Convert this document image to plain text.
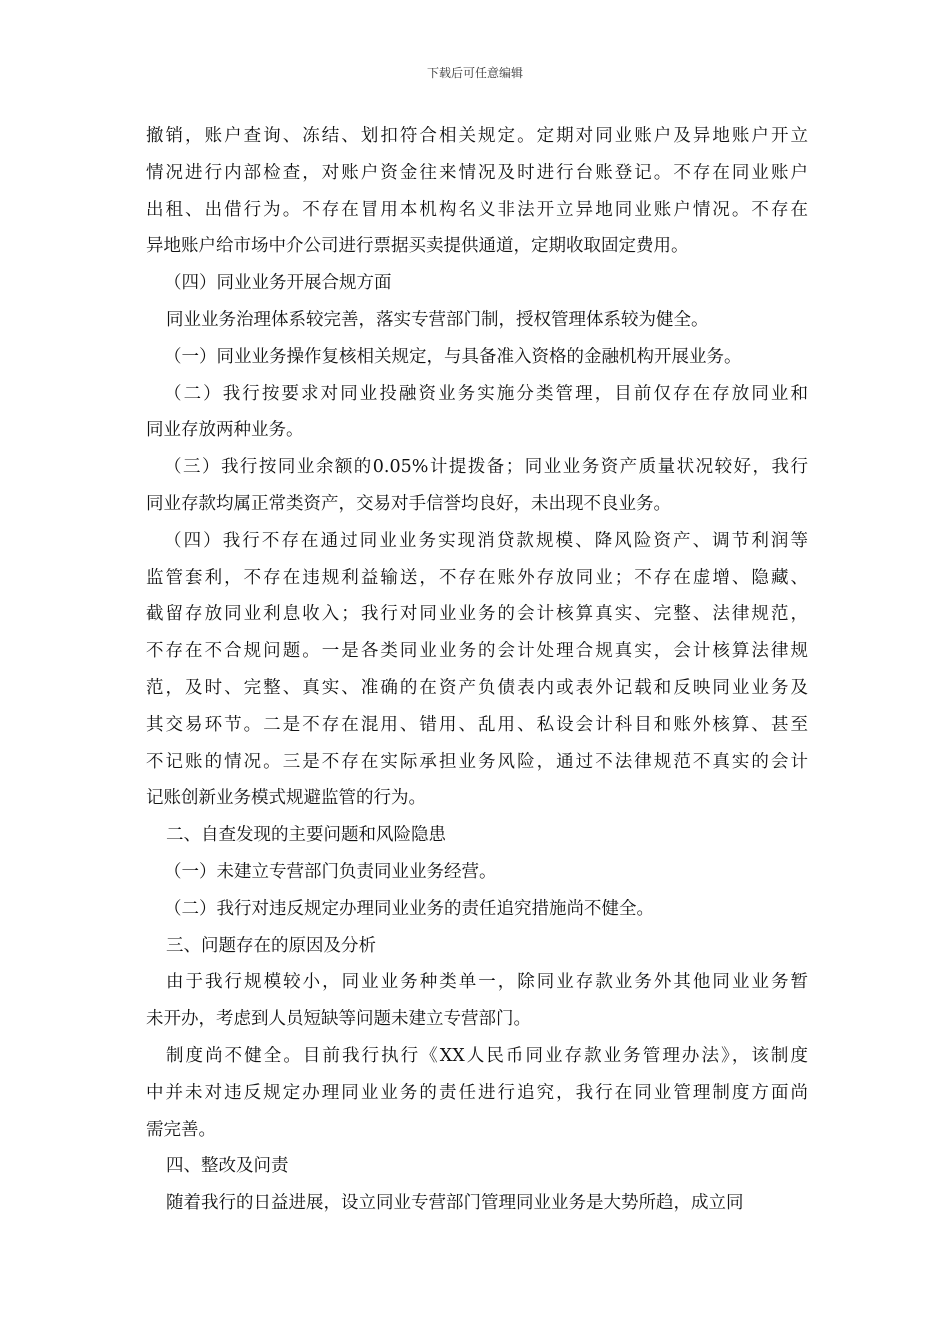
下载后可任意编辑
撤销，账户查询、冻结、划扣符合相关规定。定期对同业账户及异地账户开立
情况进行内部检查，对账户资金往来情况及时进行台账登记。不存在同业账户
出租、出借行为。不存在冒用本机构名义非法开立异地同业账户情况。不存在
异地账户给市场中介公司进行票据买卖提供通道，定期收取固定费用。
（四）同业业务开展合规方面
同业业务治理体系较完善，落实专营部门制，授权管理体系较为健全。
（一）同业业务操作复核相关规定，与具备准入资格的金融机构开展业务。
（二）我行按要求对同业投融资业务实施分类管理，目前仅存在存放同业和
同业存放两种业务。
（三）我行按同业余额的0.05%计提拨备；同业业务资产质量状况较好，我行
同业存款均属正常类资产，交易对手信誉均良好，未出现不良业务。
（四）我行不存在通过同业业务实现消贷款规模、降风险资产、调节利润等
监管套利，不存在违规利益输送，不存在账外存放同业；不存在虚增、隐藏、
截留存放同业利息收入；我行对同业业务的会计核算真实、完整、法律规范，
不存在不合规问题。一是各类同业业务的会计处理合规真实，会计核算法律规
范，及时、完整、真实、准确的在资产负债表内或表外记载和反映同业业务及
其交易环节。二是不存在混用、错用、乱用、私设会计科目和账外核算、甚至
不记账的情况。三是不存在实际承担业务风险，通过不法律规范不真实的会计
记账创新业务模式规避监管的行为。
二、自查发现的主要问题和风险隐患
（一）未建立专营部门负责同业业务经营。
（二）我行对违反规定办理同业业务的责任追究措施尚不健全。
三、问题存在的原因及分析
由于我行规模较小，同业业务种类单一，除同业存款业务外其他同业业务暂
未开办，考虑到人员短缺等问题未建立专营部门。
制度尚不健全。目前我行执行《XX人民币同业存款业务管理办法》，该制度
中并未对违反规定办理同业业务的责任进行追究，我行在同业管理制度方面尚
需完善。
四、整改及问责
随着我行的日益进展，设立同业专营部门管理同业业务是大势所趋，成立同
